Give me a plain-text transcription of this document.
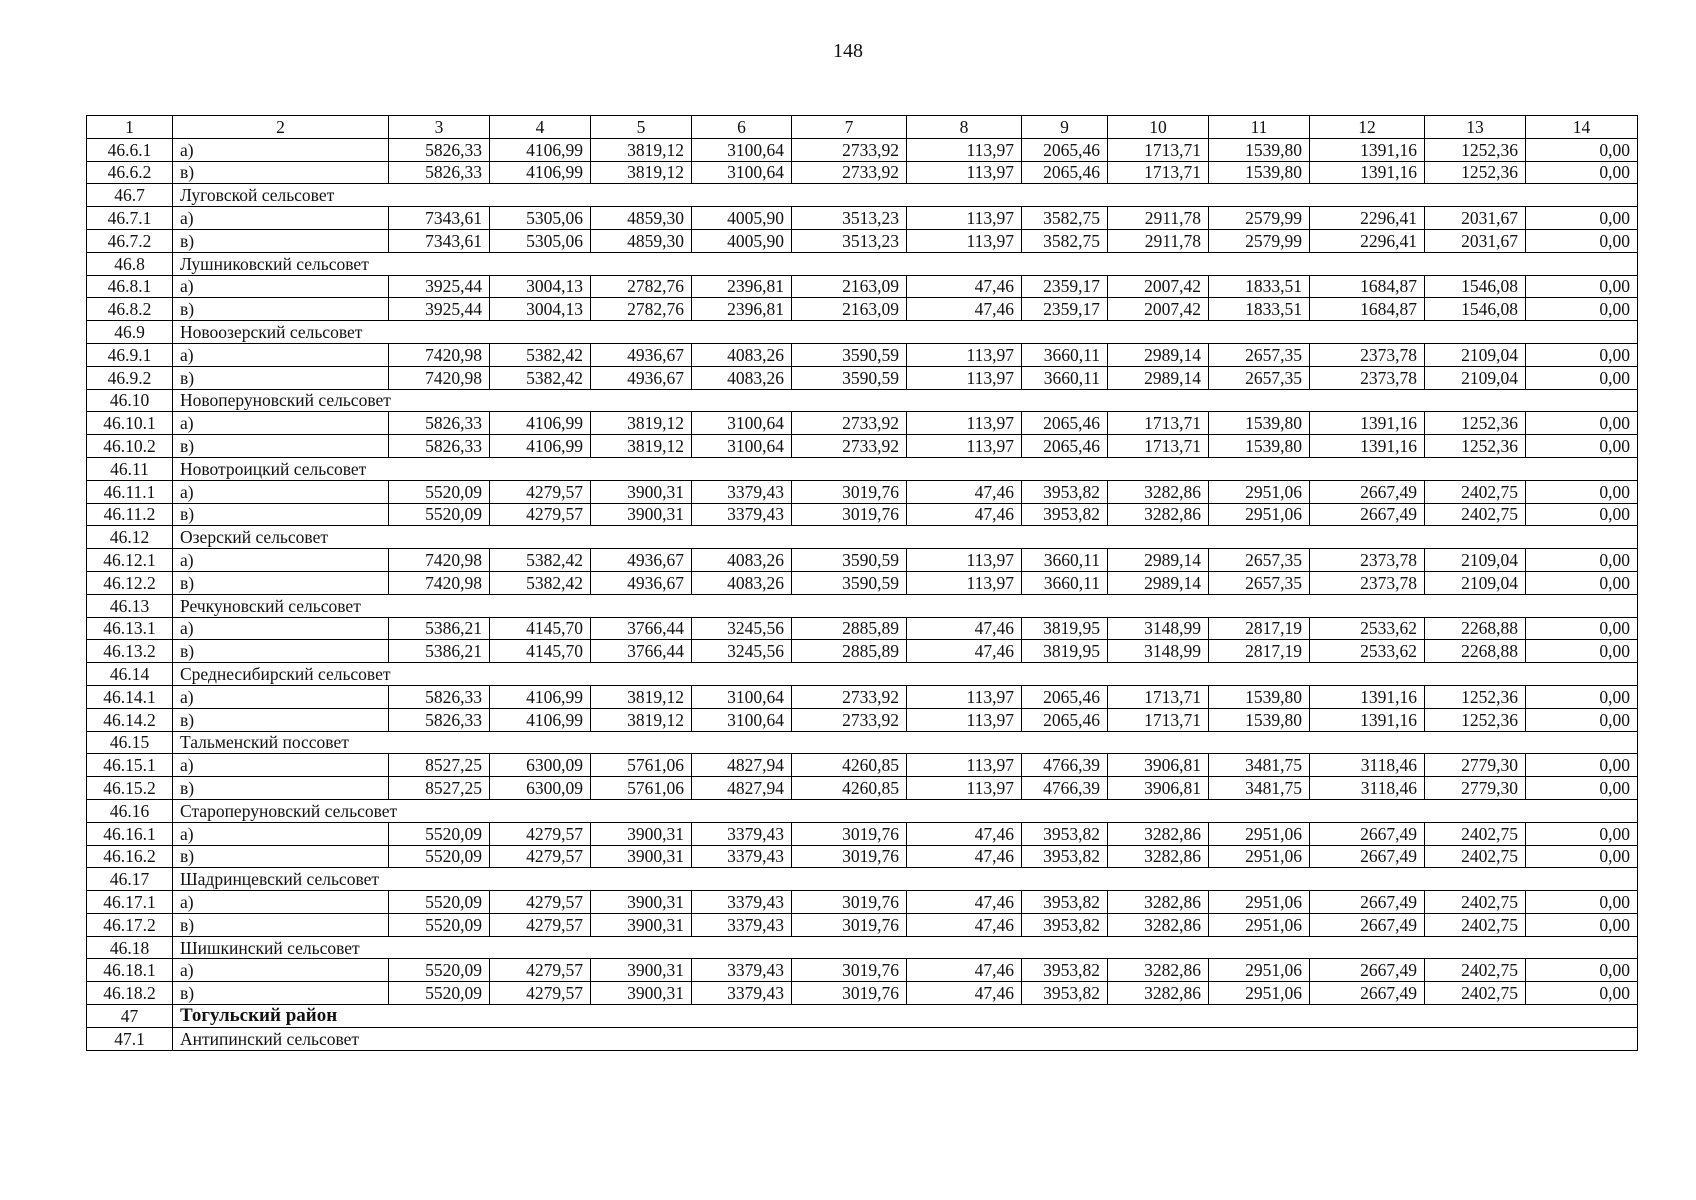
148
1	2	3	4	5	6	7	8	9	10	11	12	13	14
46.6.1	а)	5826,33	4106,99	3819,12	3100,64	2733,92	113,97	2065,46	1713,71	1539,80	1391,16	1252,36	0,00
46.6.2	в)	5826,33	4106,99	3819,12	3100,64	2733,92	113,97	2065,46	1713,71	1539,80	1391,16	1252,36	0,00
46.7	Луговской сельсовет												
46.7.1	а)	7343,61	5305,06	4859,30	4005,90	3513,23	113,97	3582,75	2911,78	2579,99	2296,41	2031,67	0,00
46.7.2	в)	7343,61	5305,06	4859,30	4005,90	3513,23	113,97	3582,75	2911,78	2579,99	2296,41	2031,67	0,00
46.8	Лушниковский сельсовет												
46.8.1	а)	3925,44	3004,13	2782,76	2396,81	2163,09	47,46	2359,17	2007,42	1833,51	1684,87	1546,08	0,00
46.8.2	в)	3925,44	3004,13	2782,76	2396,81	2163,09	47,46	2359,17	2007,42	1833,51	1684,87	1546,08	0,00
46.9	Новоозерский сельсовет												
46.9.1	а)	7420,98	5382,42	4936,67	4083,26	3590,59	113,97	3660,11	2989,14	2657,35	2373,78	2109,04	0,00
46.9.2	в)	7420,98	5382,42	4936,67	4083,26	3590,59	113,97	3660,11	2989,14	2657,35	2373,78	2109,04	0,00
46.10	Новоперуновский сельсовет												
46.10.1	а)	5826,33	4106,99	3819,12	3100,64	2733,92	113,97	2065,46	1713,71	1539,80	1391,16	1252,36	0,00
46.10.2	в)	5826,33	4106,99	3819,12	3100,64	2733,92	113,97	2065,46	1713,71	1539,80	1391,16	1252,36	0,00
46.11	Новотроицкий сельсовет												
46.11.1	а)	5520,09	4279,57	3900,31	3379,43	3019,76	47,46	3953,82	3282,86	2951,06	2667,49	2402,75	0,00
46.11.2	в)	5520,09	4279,57	3900,31	3379,43	3019,76	47,46	3953,82	3282,86	2951,06	2667,49	2402,75	0,00
46.12	Озерский сельсовет												
46.12.1	а)	7420,98	5382,42	4936,67	4083,26	3590,59	113,97	3660,11	2989,14	2657,35	2373,78	2109,04	0,00
46.12.2	в)	7420,98	5382,42	4936,67	4083,26	3590,59	113,97	3660,11	2989,14	2657,35	2373,78	2109,04	0,00
46.13	Речкуновский сельсовет												
46.13.1	а)	5386,21	4145,70	3766,44	3245,56	2885,89	47,46	3819,95	3148,99	2817,19	2533,62	2268,88	0,00
46.13.2	в)	5386,21	4145,70	3766,44	3245,56	2885,89	47,46	3819,95	3148,99	2817,19	2533,62	2268,88	0,00
46.14	Среднесибирский сельсовет												
46.14.1	а)	5826,33	4106,99	3819,12	3100,64	2733,92	113,97	2065,46	1713,71	1539,80	1391,16	1252,36	0,00
46.14.2	в)	5826,33	4106,99	3819,12	3100,64	2733,92	113,97	2065,46	1713,71	1539,80	1391,16	1252,36	0,00
46.15	Тальменский поссовет												
46.15.1	а)	8527,25	6300,09	5761,06	4827,94	4260,85	113,97	4766,39	3906,81	3481,75	3118,46	2779,30	0,00
46.15.2	в)	8527,25	6300,09	5761,06	4827,94	4260,85	113,97	4766,39	3906,81	3481,75	3118,46	2779,30	0,00
46.16	Староперуновский сельсовет												
46.16.1	а)	5520,09	4279,57	3900,31	3379,43	3019,76	47,46	3953,82	3282,86	2951,06	2667,49	2402,75	0,00
46.16.2	в)	5520,09	4279,57	3900,31	3379,43	3019,76	47,46	3953,82	3282,86	2951,06	2667,49	2402,75	0,00
46.17	Шадринцевский сельсовет												
46.17.1	а)	5520,09	4279,57	3900,31	3379,43	3019,76	47,46	3953,82	3282,86	2951,06	2667,49	2402,75	0,00
46.17.2	в)	5520,09	4279,57	3900,31	3379,43	3019,76	47,46	3953,82	3282,86	2951,06	2667,49	2402,75	0,00
46.18	Шишкинский сельсовет												
46.18.1	а)	5520,09	4279,57	3900,31	3379,43	3019,76	47,46	3953,82	3282,86	2951,06	2667,49	2402,75	0,00
46.18.2	в)	5520,09	4279,57	3900,31	3379,43	3019,76	47,46	3953,82	3282,86	2951,06	2667,49	2402,75	0,00
47	Тогульский район												
47.1	Антипинский сельсовет												
